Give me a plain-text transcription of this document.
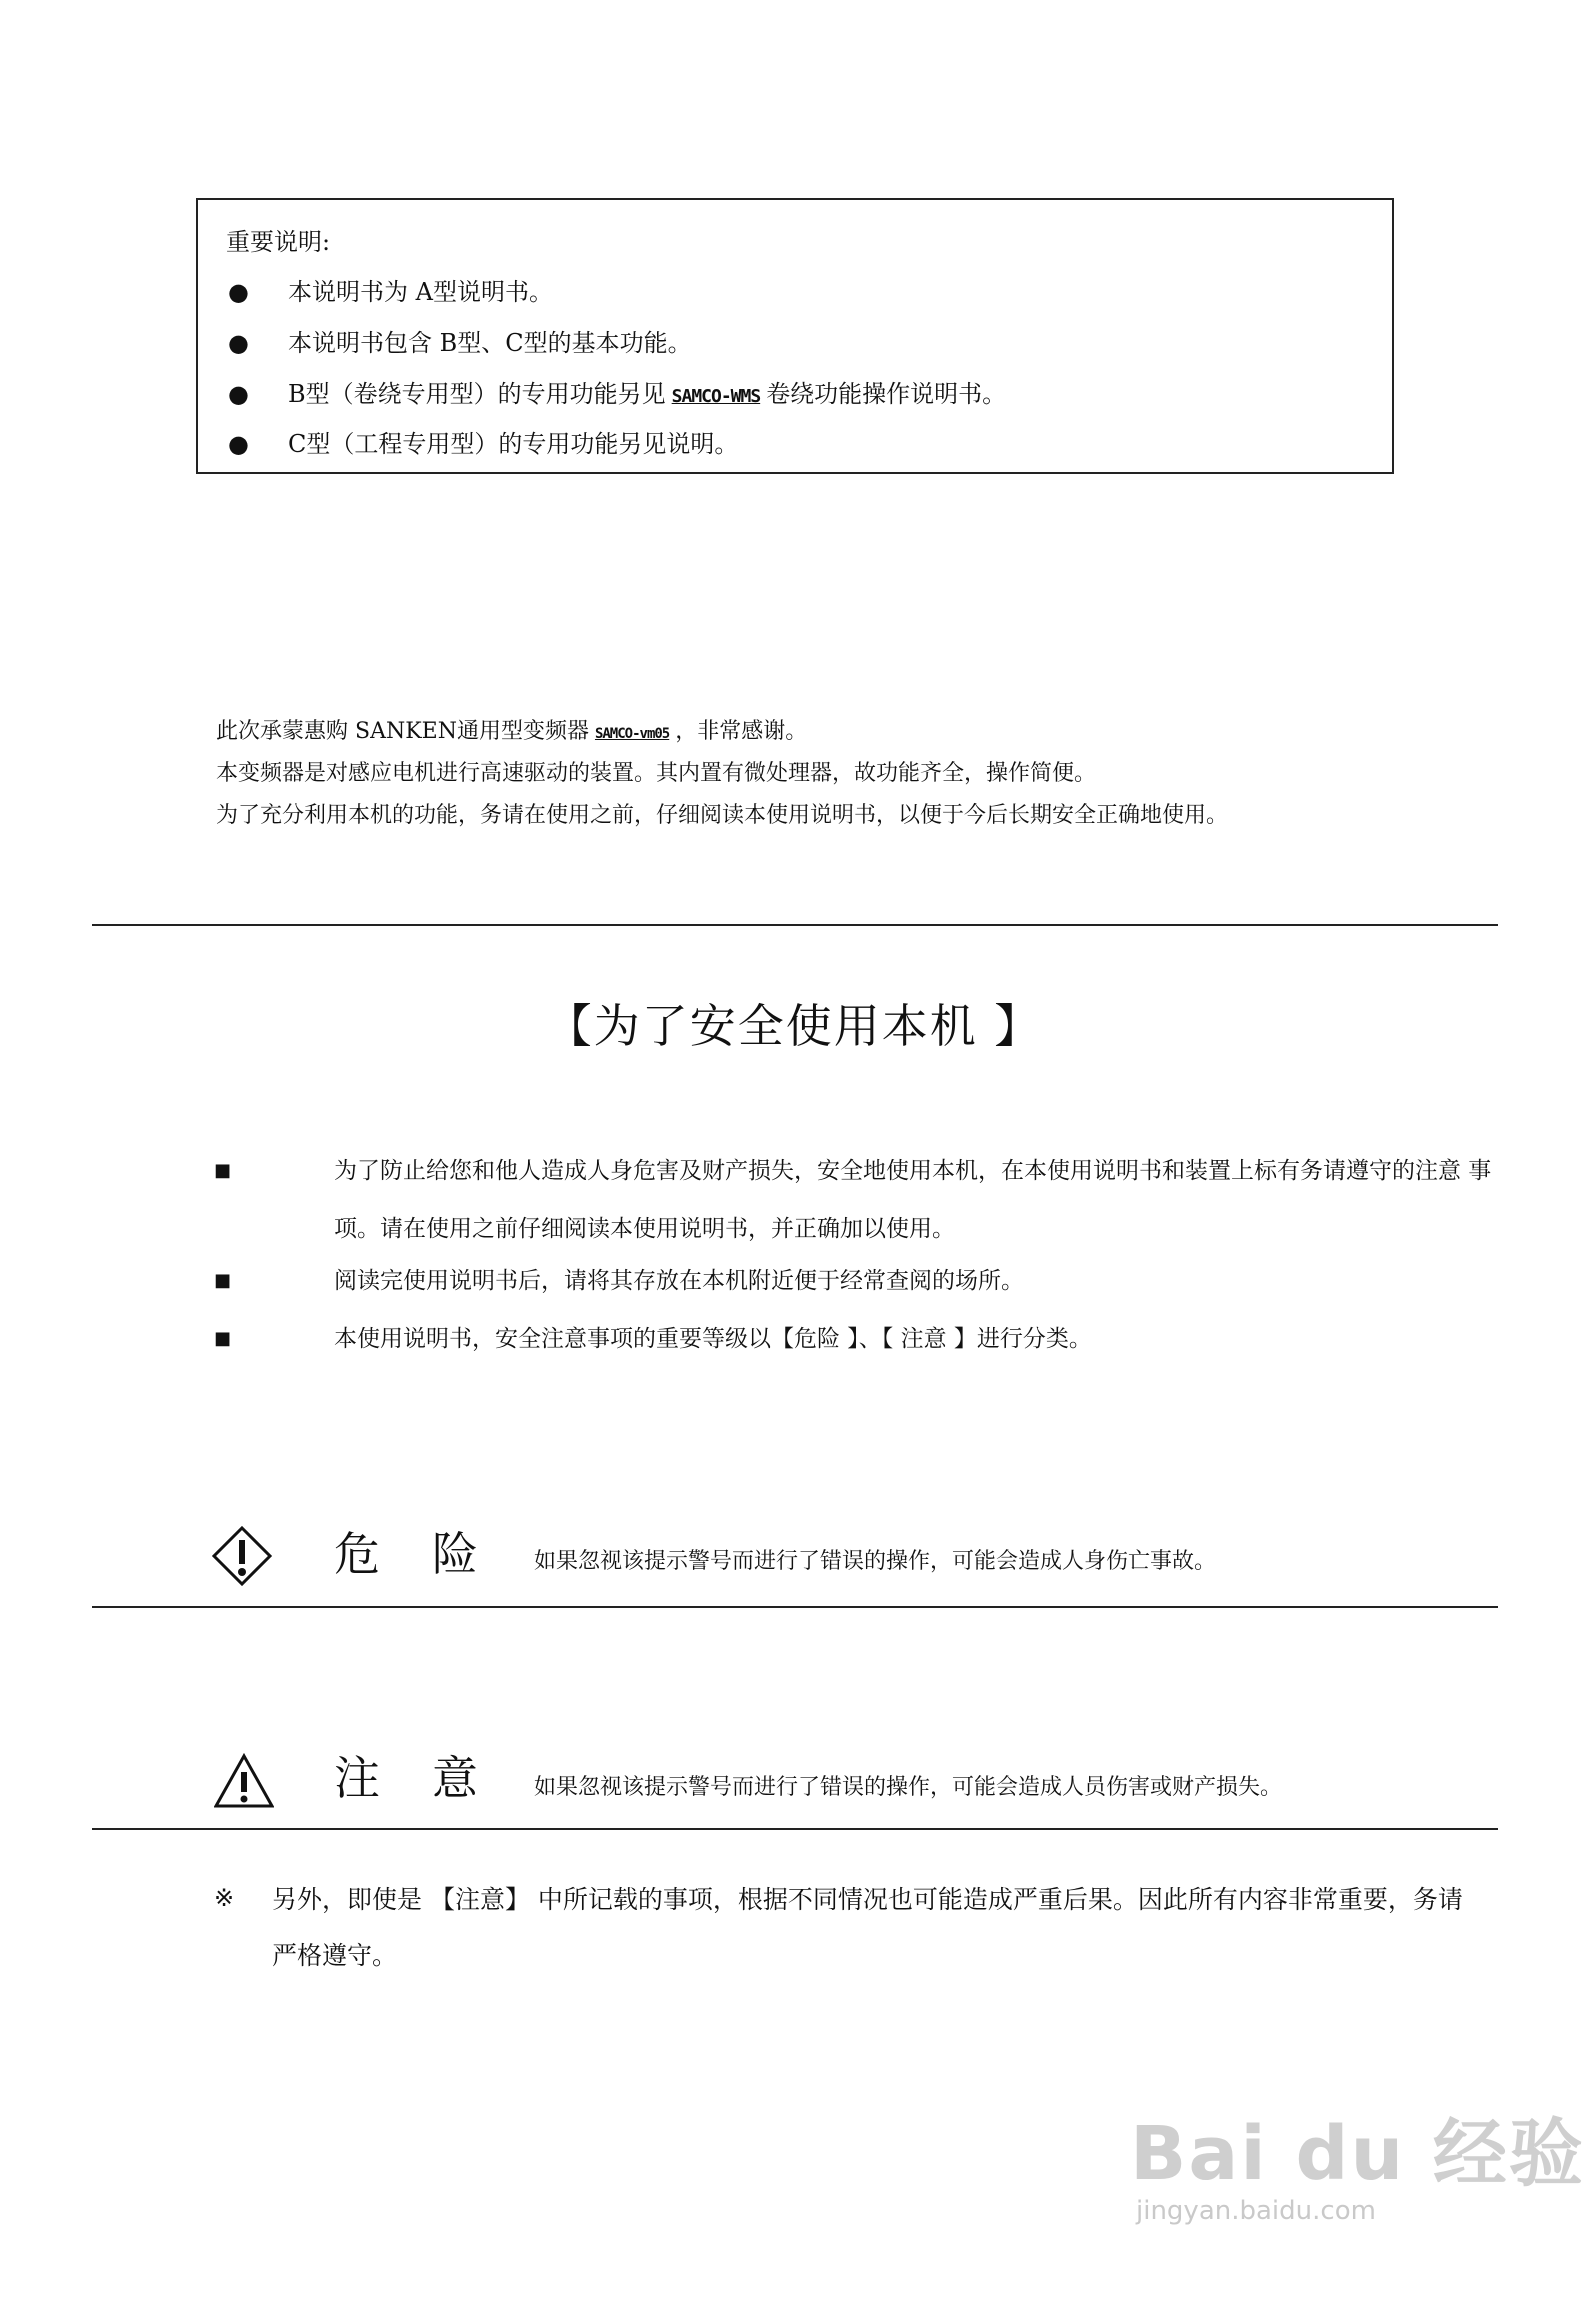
重要说明:
● 本说明书为 A型说明书。
● 本说明书包含 B型、C型的基本功能。
● B型（卷绕专用型）的专用功能另见 SAMCO-WMS 卷绕功能操作说明书。
● C型（工程专用型）的专用功能另见说明。
此次承蒙惠购 SANKEN通用型变频器 SAMCO-vm05 ，非常感谢。
本变频器是对感应电机进行高速驱动的装置。其内置有微处理器，故功能齐全，操作简便。
为了充分利用本机的功能，务请在使用之前，仔细阅读本使用说明书，以便于今后长期安全正确地使用。
【为了安全使用本机 】
■	为了防止给您和他人造成人身危害及财产损失，安全地使用本机，在本使用说明书和装置上标有务请遵守的注意 事项。请在使用之前仔细阅读本使用说明书，并正确加以使用。
■	阅读完使用说明书后，请将其存放在本机附近便于经常查阅的场所。
■	本使用说明书，安全注意事项的重要等级以【危险 】、【 注意 】进行分类。
危险 如果忽视该提示警号而进行了错误的操作，可能会造成人身伤亡事故。
注意 如果忽视该提示警号而进行了错误的操作，可能会造成人员伤害或财产损失。
※ 另外，即使是 【注意】 中所记载的事项，根据不同情况也可能造成严重后果。因此所有内容非常重要，务请严格遵守。
Bai du 经验
jingyan.baidu.com
